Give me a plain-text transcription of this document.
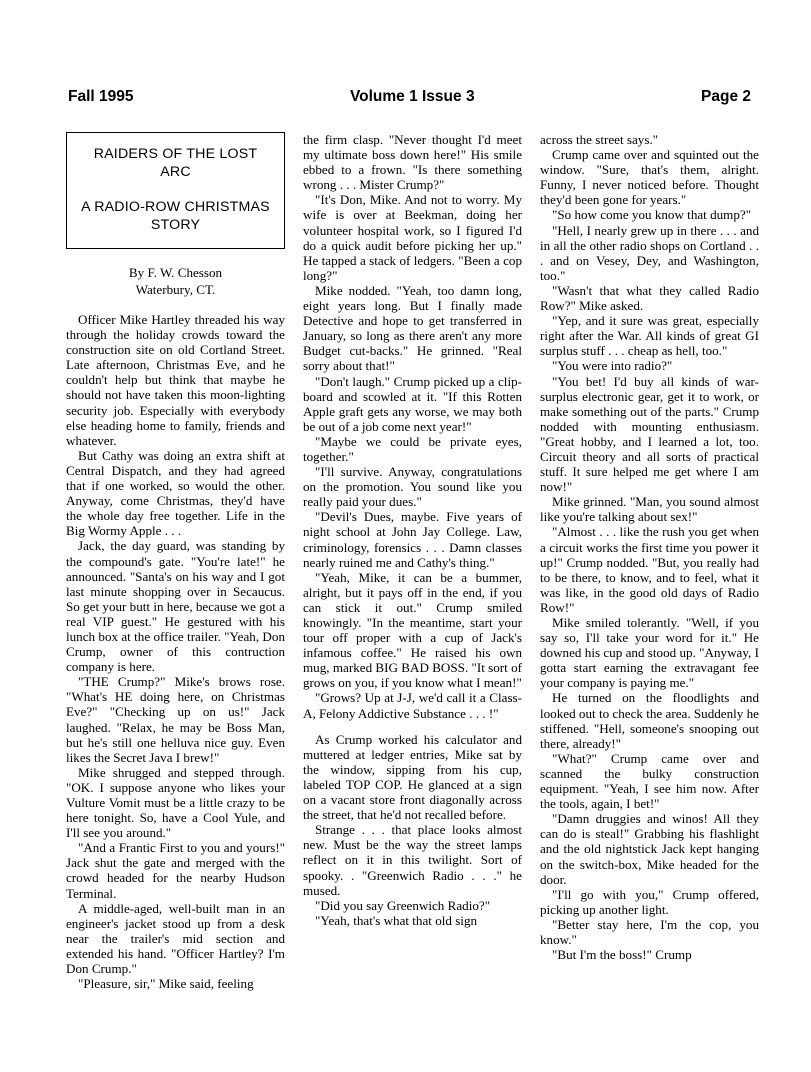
Fall 1995	Volume 1 Issue 3	Page 2
RAIDERS OF THE LOST
ARC
A RADIO-ROW CHRISTMAS
STORY
By F. W. Chesson
Waterbury, CT.

Officer Mike Hartley threaded his way through the holiday crowds toward the construction site on old Cortland Street. Late afternoon, Christmas Eve, and he couldn't help but think that maybe he should not have taken this moon-lighting security job. Especially with everybody else heading home to family, friends and whatever.

But Cathy was doing an extra shift at Central Dispatch, and they had agreed that if one worked, so would the other. Anyway, come Christmas, they'd have the whole day free together. Life in the Big Wormy Apple . . .

Jack, the day guard, was standing by the compound's gate. "You're late!" he announced. "Santa's on his way and I got last minute shopping over in Secaucus. So get your butt in here, because we got a real VIP guest." He gestured with his lunch box at the office trailer. "Yeah, Don Crump, owner of this contruction company is here.

"THE Crump?" Mike's brows rose. "What's HE doing here, on Christmas Eve?" "Checking up on us!" Jack laughed. "Relax, he may be Boss Man, but he's still one helluva nice guy. Even likes the Secret Java I brew!"

Mike shrugged and stepped through. "OK. I suppose anyone who likes your Vulture Vomit must be a little crazy to be here tonight. So, have a Cool Yule, and I'll see you around."

"And a Frantic First to you and yours!" Jack shut the gate and merged with the crowd headed for the nearby Hudson Terminal.

A middle-aged, well-built man in an engineer's jacket stood up from a desk near the trailer's mid section and extended his hand. "Officer Hartley? I'm Don Crump."

"Pleasure, sir," Mike said, feeling

the firm clasp. "Never thought I'd meet my ultimate boss down here!" His smile ebbed to a frown. "Is there something wrong . . . Mister Crump?"

"It's Don, Mike. And not to worry. My wife is over at Beekman, doing her volunteer hospital work, so I figured I'd do a quick audit before picking her up." He tapped a stack of ledgers. "Been a cop long?"

Mike nodded. "Yeah, too damn long, eight years long. But I finally made Detective and hope to get transferred in January, so long as there aren't any more Budget cut-backs." He grinned. "Real sorry about that!"

"Don't laugh." Crump picked up a clip-board and scowled at it. "If this Rotten Apple graft gets any worse, we may both be out of a job come next year!"

"Maybe we could be private eyes, together."

"I'll survive. Anyway, congratulations on the promotion. You sound like you really paid your dues."

"Devil's Dues, maybe. Five years of night school at John Jay College. Law, criminology, forensics . . . Damn classes nearly ruined me and Cathy's thing."

"Yeah, Mike, it can be a bummer, alright, but it pays off in the end, if you can stick it out." Crump smiled knowingly. "In the meantime, start your tour off proper with a cup of Jack's infamous coffee." He raised his own mug, marked BIG BAD BOSS. "It sort of grows on you, if you know what I mean!"

"Grows? Up at J-J, we'd call it a Class-A, Felony Addictive Substance . . . !"

As Crump worked his calculator and muttered at ledger entries, Mike sat by the window, sipping from his cup, labeled TOP COP. He glanced at a sign on a vacant store front diagonally across the street, that he'd not recalled before.

Strange . . . that place looks almost new. Must be the way the street lamps reflect on it in this twilight. Sort of spooky. . "Greenwich Radio . . ." he mused.

"Did you say Greenwich Radio?"

"Yeah, that's what that old sign

across the street says."

Crump came over and squinted out the window. "Sure, that's them, alright. Funny, I never noticed before. Thought they'd been gone for years."

"So how come you know that dump?"

"Hell, I nearly grew up in there . . . and in all the other radio shops on Cortland . . . and on Vesey, Dey, and Washington, too."

"Wasn't that what they called Radio Row?" Mike asked.

"Yep, and it sure was great, especially right after the War. All kinds of great GI surplus stuff . . . cheap as hell, too."

"You were into radio?"

"You bet! I'd buy all kinds of war-surplus electronic gear, get it to work, or make something out of the parts." Crump nodded with mounting enthusiasm. "Great hobby, and I learned a lot, too. Circuit theory and all sorts of practical stuff. It sure helped me get where I am now!"

Mike grinned. "Man, you sound almost like you're talking about sex!"

"Almost . . . like the rush you get when a circuit works the first time you power it up!" Crump nodded. "But, you really had to be there, to know, and to feel, what it was like, in the good old days of Radio Row!"

Mike smiled tolerantly. "Well, if you say so, I'll take your word for it." He downed his cup and stood up. "Anyway, I gotta start earning the extravagant fee your company is paying me."

He turned on the floodlights and looked out to check the area. Suddenly he stiffened. "Hell, someone's snooping out there, already!"

"What?" Crump came over and scanned the bulky construction equipment. "Yeah, I see him now. After the tools, again, I bet!"

"Damn druggies and winos! All they can do is steal!" Grabbing his flashlight and the old nightstick Jack kept hanging on the switch-box, Mike headed for the door.

"I'll go with you," Crump offered, picking up another light.

"Better stay here, I'm the cop, you know."

"But I'm the boss!" Crump
